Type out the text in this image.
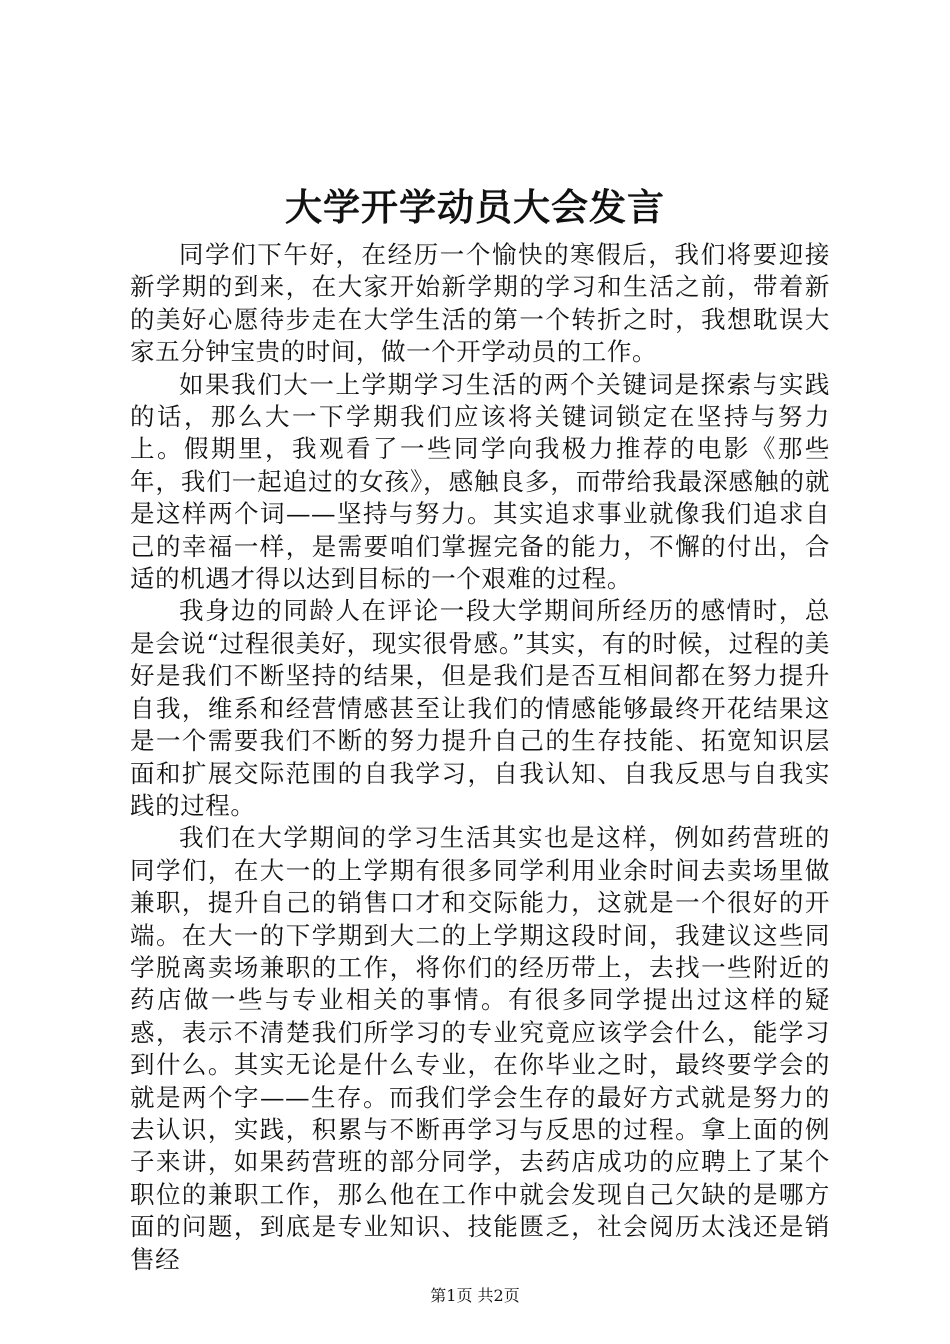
大学开学动员大会发言

同学们下午好，在经历一个愉快的寒假后，我们将要迎接新学期的到来，在大家开始新学期的学习和生活之前，带着新的美好心愿待步走在大学生活的第一个转折之时，我想耽误大家五分钟宝贵的时间，做一个开学动员的工作。

如果我们大一上学期学习生活的两个关键词是探索与实践的话，那么大一下学期我们应该将关键词锁定在坚持与努力上。假期里，我观看了一些同学向我极力推荐的电影《那些年，我们一起追过的女孩》，感触良多，而带给我最深感触的就是这样两个词——坚持与努力。其实追求事业就像我们追求自己的幸福一样，是需要咱们掌握完备的能力，不懈的付出，合适的机遇才得以达到目标的一个艰难的过程。

我身边的同龄人在评论一段大学期间所经历的感情时，总是会说“过程很美好，现实很骨感。”其实，有的时候，过程的美好是我们不断坚持的结果，但是我们是否互相间都在努力提升自我，维系和经营情感甚至让我们的情感能够最终开花结果这是一个需要我们不断的努力提升自己的生存技能、拓宽知识层面和扩展交际范围的自我学习，自我认知、自我反思与自我实践的过程。

我们在大学期间的学习生活其实也是这样，例如药营班的同学们，在大一的上学期有很多同学利用业余时间去卖场里做兼职，提升自己的销售口才和交际能力，这就是一个很好的开端。在大一的下学期到大二的上学期这段时间，我建议这些同学脱离卖场兼职的工作，将你们的经历带上，去找一些附近的药店做一些与专业相关的事情。有很多同学提出过这样的疑惑，表示不清楚我们所学习的专业究竟应该学会什么，能学习到什么。其实无论是什么专业，在你毕业之时，最终要学会的就是两个字——生存。而我们学会生存的最好方式就是努力的去认识，实践，积累与不断再学习与反思的过程。拿上面的例子来讲，如果药营班的部分同学，去药店成功的应聘上了某个职位的兼职工作，那么他在工作中就会发现自己欠缺的是哪方面的问题，到底是专业知识、技能匮乏，社会阅历太浅还是销售经

第1页 共2页
